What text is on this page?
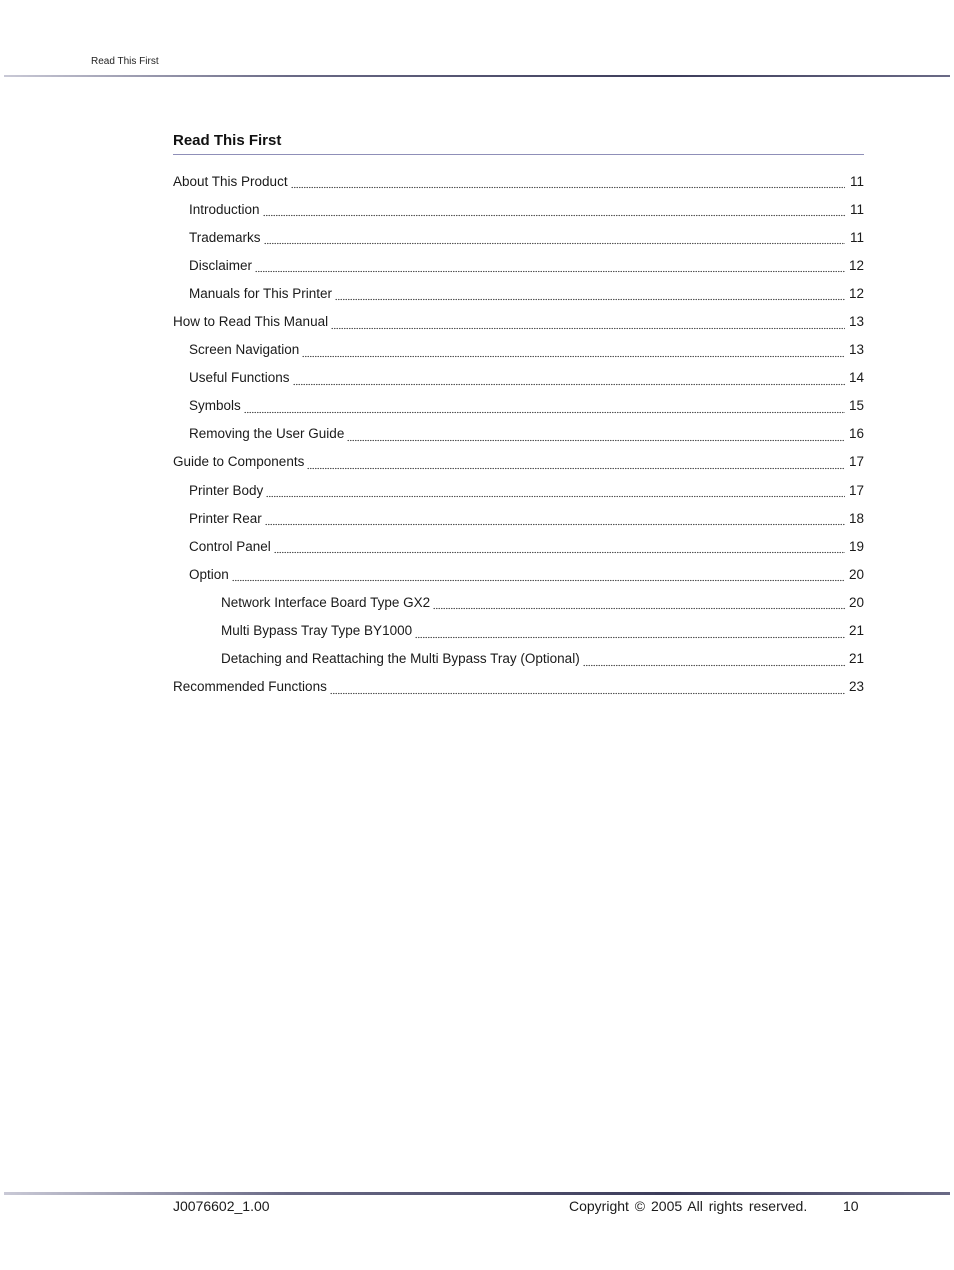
Read This First
Read This First
About This Product	11
Introduction	11
Trademarks	11
Disclaimer	12
Manuals for This Printer	12
How to Read This Manual	13
Screen Navigation	13
Useful Functions	14
Symbols	15
Removing the User Guide	16
Guide to Components	17
Printer Body	17
Printer Rear	18
Control Panel	19
Option	20
Network Interface Board Type GX2	20
Multi Bypass Tray Type BY1000	21
Detaching and Reattaching the Multi Bypass Tray (Optional)	21
Recommended Functions	23
J0076602_1.00	Copyright © 2005 All rights reserved.	10
